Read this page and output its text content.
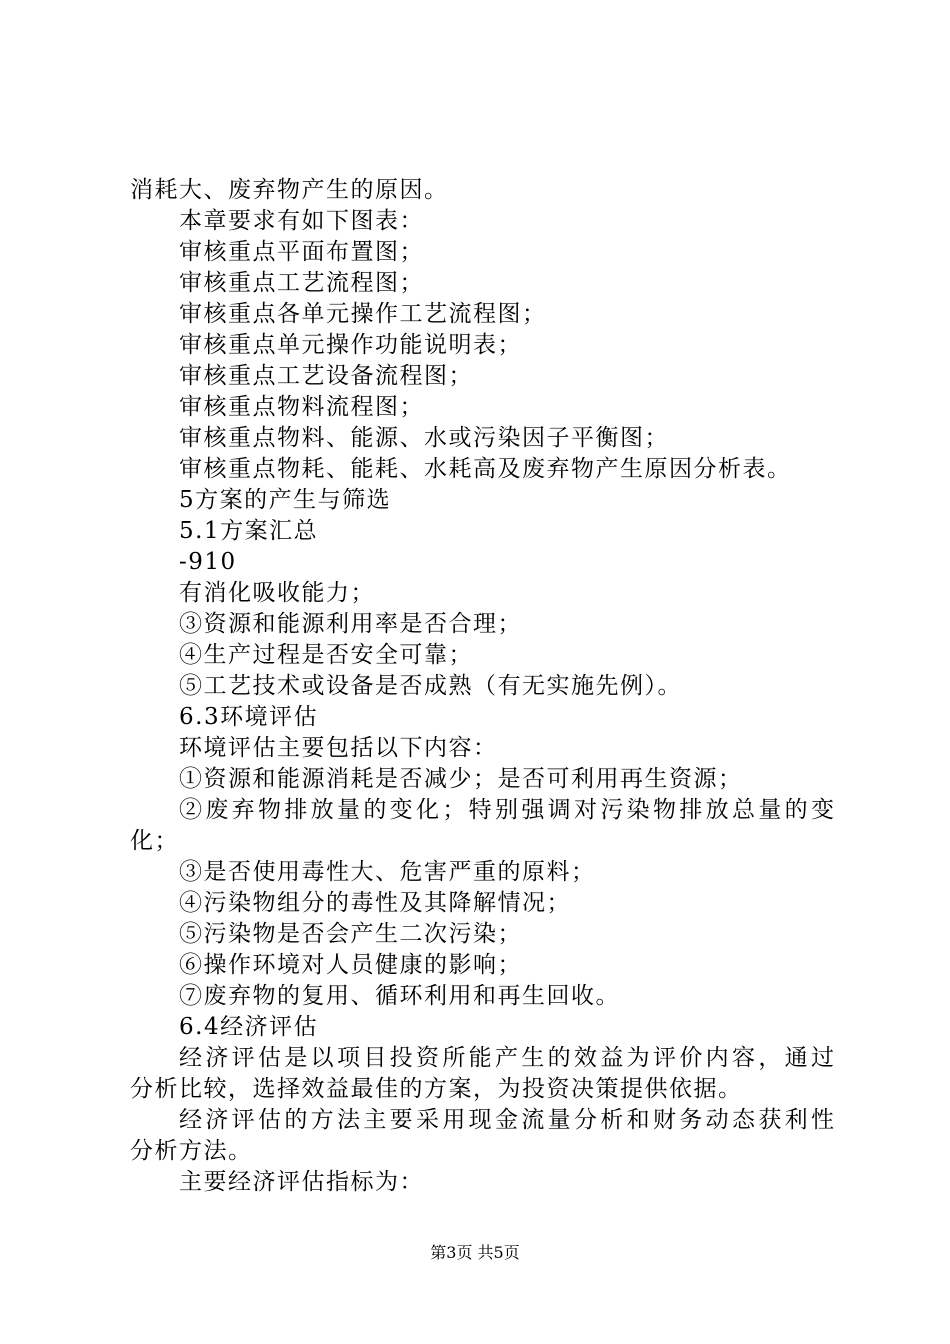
消耗大、废弃物产生的原因。
本章要求有如下图表：
审核重点平面布置图；
审核重点工艺流程图；
审核重点各单元操作工艺流程图；
审核重点单元操作功能说明表；
审核重点工艺设备流程图；
审核重点物料流程图；
审核重点物料、能源、水或污染因子平衡图；
审核重点物耗、能耗、水耗高及废弃物产生原因分析表。
5方案的产生与筛选
5.1方案汇总
-910
有消化吸收能力；
③资源和能源利用率是否合理；
④生产过程是否安全可靠；
⑤工艺技术或设备是否成熟（有无实施先例）。
6.3环境评估
环境评估主要包括以下内容：
①资源和能源消耗是否减少；是否可利用再生资源；
②废弃物排放量的变化；特别强调对污染物排放总量的变
化；
③是否使用毒性大、危害严重的原料；
④污染物组分的毒性及其降解情况；
⑤污染物是否会产生二次污染；
⑥操作环境对人员健康的影响；
⑦废弃物的复用、循环利用和再生回收。
6.4经济评估
经济评估是以项目投资所能产生的效益为评价内容，通过
分析比较，选择效益最佳的方案，为投资决策提供依据。
经济评估的方法主要采用现金流量分析和财务动态获利性
分析方法。
主要经济评估指标为：
第3页 共5页
